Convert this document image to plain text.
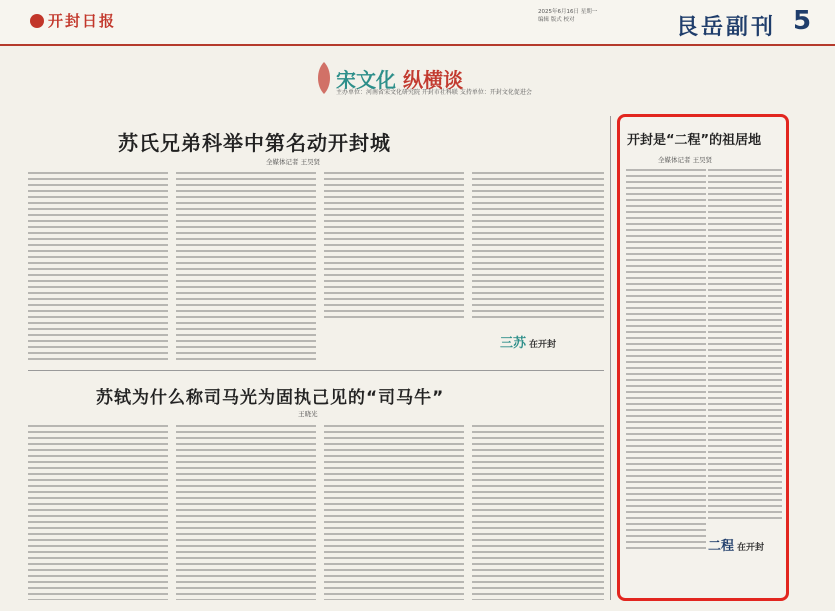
开封日报	2025年6月16日 星期一
编辑 版式 校对	艮岳副刊 5
宋文化 纵横谈
主办单位：河南省宋文化研究院 开封市社科联 支持单位：开封文化促进会
苏氏兄弟科举中第名动开封城
全媒体记者 王昊贤
三苏 在开封
苏轼为什么称司马光为固执己见的“司马牛”
王晓光
开封是“二程”的祖居地
全媒体记者 王昊贤
二程 在开封
